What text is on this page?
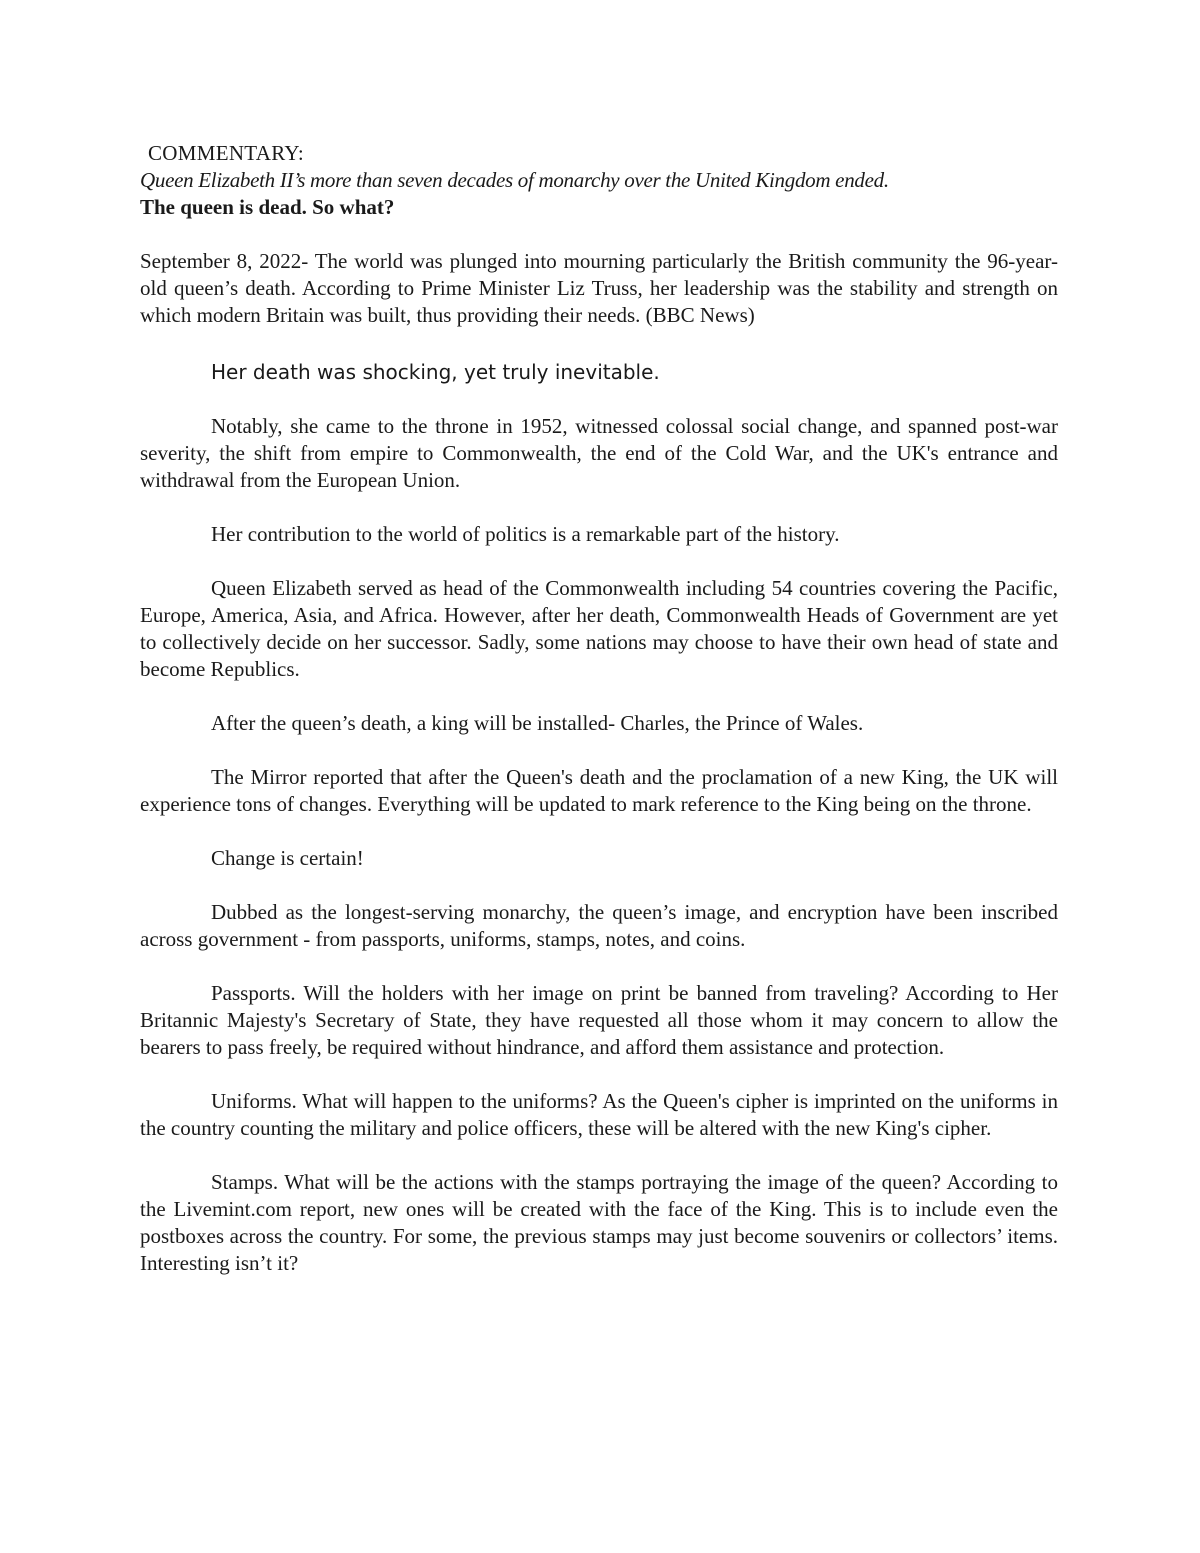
COMMENTARY:

Queen Elizabeth II’s more than seven decades of monarchy over the United Kingdom ended.

The queen is dead. So what?

September 8, 2022- The world was plunged into mourning particularly the British community the 96-year-old queen’s death. According to Prime Minister Liz Truss, her leadership was the stability and strength on which modern Britain was built, thus providing their needs. (BBC News)

Her death was shocking, yet truly inevitable.

Notably, she came to the throne in 1952, witnessed colossal social change, and spanned post-war severity, the shift from empire to Commonwealth, the end of the Cold War, and the UK's entrance and withdrawal from the European Union.

Her contribution to the world of politics is a remarkable part of the history.

Queen Elizabeth served as head of the Commonwealth including 54 countries covering the Pacific, Europe, America, Asia, and Africa. However, after her death, Commonwealth Heads of Government are yet to collectively decide on her successor. Sadly, some nations may choose to have their own head of state and become Republics.

After the queen’s death, a king will be installed- Charles, the Prince of Wales.

The Mirror reported that after the Queen's death and the proclamation of a new King, the UK will experience tons of changes. Everything will be updated to mark reference to the King being on the throne.

Change is certain!

Dubbed as the longest-serving monarchy, the queen’s image, and encryption have been inscribed across government - from passports, uniforms, stamps, notes, and coins.

Passports. Will the holders with her image on print be banned from traveling? According to Her Britannic Majesty's Secretary of State, they have requested all those whom it may concern to allow the bearers to pass freely, be required without hindrance, and afford them assistance and protection.

Uniforms. What will happen to the uniforms? As the Queen's cipher is imprinted on the uniforms in the country counting the military and police officers, these will be altered with the new King's cipher.

Stamps. What will be the actions with the stamps portraying the image of the queen? According to the Livemint.com report, new ones will be created with the face of the King. This is to include even the postboxes across the country. For some, the previous stamps may just become souvenirs or collectors’ items. Interesting isn’t it?
